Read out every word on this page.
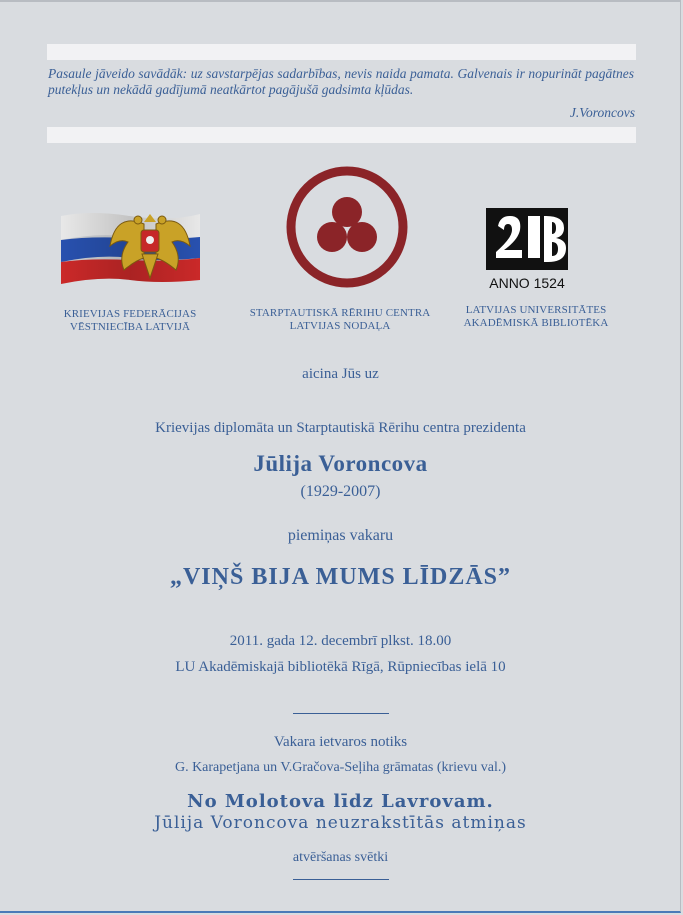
Pasaule jāveido savādāk: uz savstarpējas sadarbības, nevis naida pamata. Galvenais ir nopurināt pagātnes putekļus un nekādā gadījumā neatkārtot pagājušā gadsimta kļūdas.
J.Voroncovs
KRIEVIJAS FEDERĀCIJAS
VĒSTNIECĪBA LATVIJĀ
STARPTAUTISKĀ RĒRIHU CENTRA
LATVIJAS NODAĻA
ANNO 1524
LATVIJAS UNIVERSITĀTES
AKADĒMISKĀ BIBLIOTĒKA
aicina Jūs uz
Krievijas diplomāta un Starptautiskā Rērihu centra prezidenta
Jūlija Voroncova
(1929-2007)
piemiņas vakaru
„VIŅŠ BIJA MUMS LĪDZĀS”
2011. gada 12. decembrī plkst. 18.00
LU Akadēmiskajā bibliotēkā Rīgā, Rūpniecības ielā 10
Vakara ietvaros notiks
G. Karapetjana un V.Gračova-Seļiha grāmatas (krievu val.)
No Molotova līdz Lavrovam.
Jūlija Voroncova neuzrakstītās atmiņas
atvēršanas svētki
